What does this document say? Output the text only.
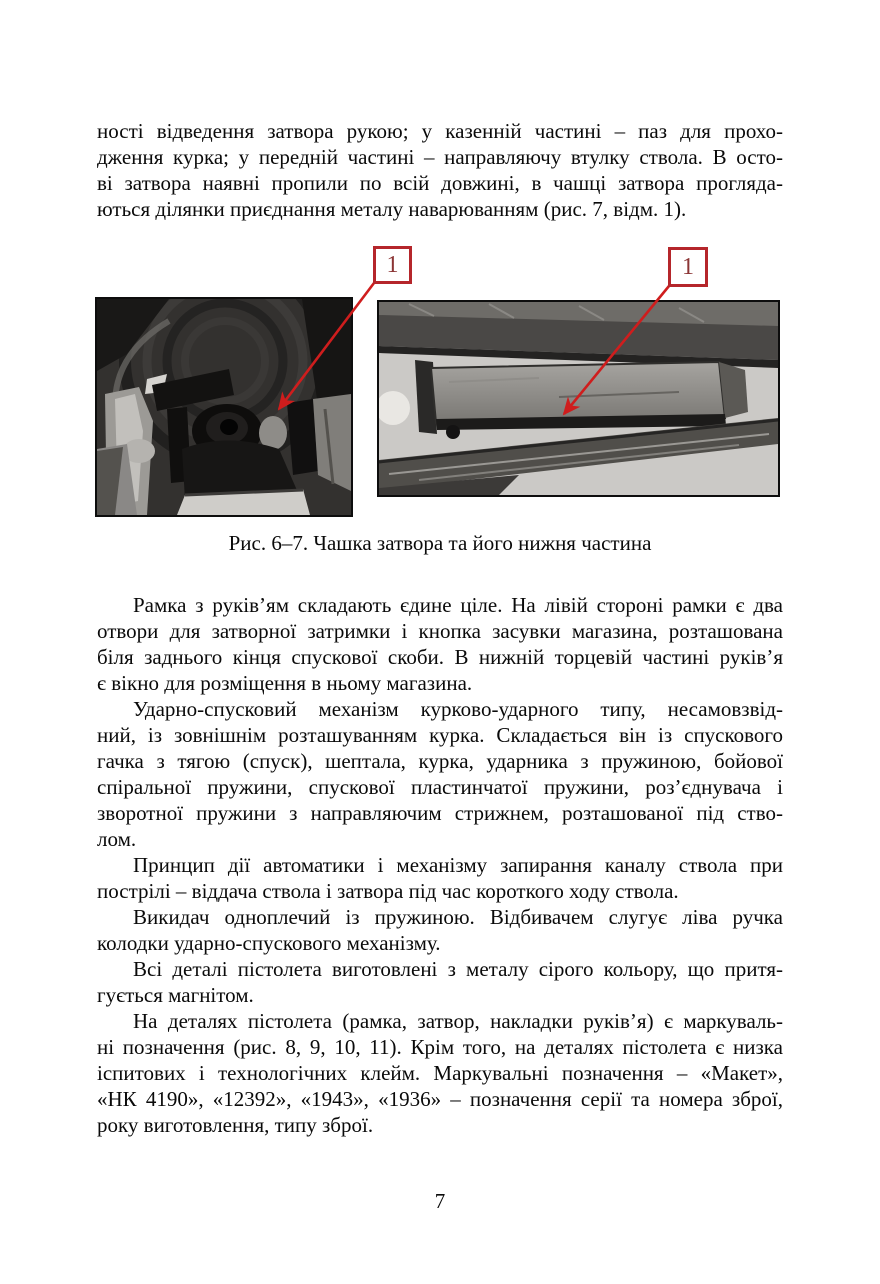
ності відведення затвора рукою; у казенній частині – паз для прохо-
дження курка; у передній частині – направляючу втулку ствола. В осто-
ві затвора наявні пропили по всій довжині, в чашці затвора прогляда-
ються ділянки приєднання металу наварюванням (рис. 7, відм. 1).
1	1
Рис. 6–7. Чашка затвора та його нижня частина
Рамка з руків’ям складають єдине ціле. На лівій стороні рамки є два
отвори для затворної затримки і кнопка засувки магазина, розташована
біля заднього кінця спускової скоби. В нижній торцевій частині руків’я
є вікно для розміщення в ньому магазина.
Ударно-спусковий механізм курково-ударного типу, несамовзвід-
ний, із зовнішнім розташуванням курка. Складається він із спускового
гачка з тягою (спуск), шептала, курка, ударника з пружиною, бойової
спіральної пружини, спускової пластинчатої пружини, роз’єднувача і
зворотної пружини з направляючим стрижнем, розташованої під ство-
лом.
Принцип дії автоматики і механізму запирання каналу ствола при
пострілі – віддача ствола і затвора під час короткого ходу ствола.
Викидач одноплечий із пружиною. Відбивачем слугує ліва ручка
колодки ударно-спускового механізму.
Всі деталі пістолета виготовлені з металу сірого кольору, що притя-
гується магнітом.
На деталях пістолета (рамка, затвор, накладки руків’я) є маркуваль-
ні позначення (рис. 8, 9, 10, 11). Крім того, на деталях пістолета є низка
іспитових і технологічних клейм. Маркувальні позначення – «Макет»,
«НК 4190», «12392», «1943», «1936» – позначення серії та номера зброї,
року виготовлення, типу зброї.
7
